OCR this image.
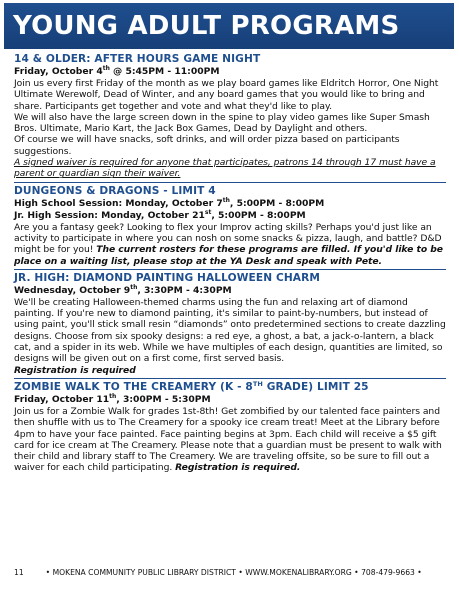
YOUNG ADULT PROGRAMS

14 & OLDER: AFTER HOURS GAME NIGHT

Friday, October 4th @ 5:45PM - 11:00PM

Join us every first Friday of the month as we play board games like Eldritch Horror, One Night Ultimate Werewolf, Dead of Winter, and any board games that you would like to bring and share. Participants get together and vote and what they'd like to play.

We will also have the large screen down in the spine to play video games like Super Smash Bros. Ultimate, Mario Kart, the Jack Box Games, Dead by Daylight and others.

Of course we will have snacks, soft drinks, and will order pizza based on participants suggestions.

A signed waiver is required for anyone that participates, patrons 14 through 17 must have a parent or guardian sign their waiver.

DUNGEONS & DRAGONS - LIMIT 4

High School Session: Monday, October 7th, 5:00PM - 8:00PM

Jr. High Session: Monday, October 21st, 5:00PM - 8:00PM

Are you a fantasy geek? Looking to flex your Improv acting skills? Perhaps you'd just like an activity to participate in where you can nosh on some snacks & pizza, laugh, and battle? D&D might be for you! The current rosters for these programs are filled. If you'd like to be place on a waiting list, please stop at the YA Desk and speak with Pete.

JR. HIGH: DIAMOND PAINTING HALLOWEEN CHARM

Wednesday, October 9th, 3:30PM - 4:30PM

We'll be creating Halloween-themed charms using the fun and relaxing art of diamond painting. If you're new to diamond painting, it's similar to paint-by-numbers, but instead of using paint, you'll stick small resin “diamonds” onto predetermined sections to create dazzling designs. Choose from six spooky designs: a red eye, a ghost, a bat, a jack-o-lantern, a black cat, and a spider in its web. While we have multiples of each design, quantities are limited, so designs will be given out on a first come, first served basis.

Registration is required

ZOMBIE WALK TO THE CREAMERY (K - 8TH GRADE) LIMIT 25

Friday, October 11th, 3:00PM - 5:30PM

Join us for a Zombie Walk for grades 1st-8th! Get zombified by our talented face painters and then shuffle with us to The Creamery for a spooky ice cream treat! Meet at the Library before 4pm to have your face painted. Face painting begins at 3pm. Each child will receive a $5 gift card for ice cream at The Creamery. Please note that a guardian must be present to walk with their child and library staff to The Creamery. We are traveling offsite, so be sure to fill out a waiver for each child participating. Registration is required.

11	• MOKENA COMMUNITY PUBLIC LIBRARY DISTRICT • WWW.MOKENALIBRARY.ORG • 708-479-9663 •
